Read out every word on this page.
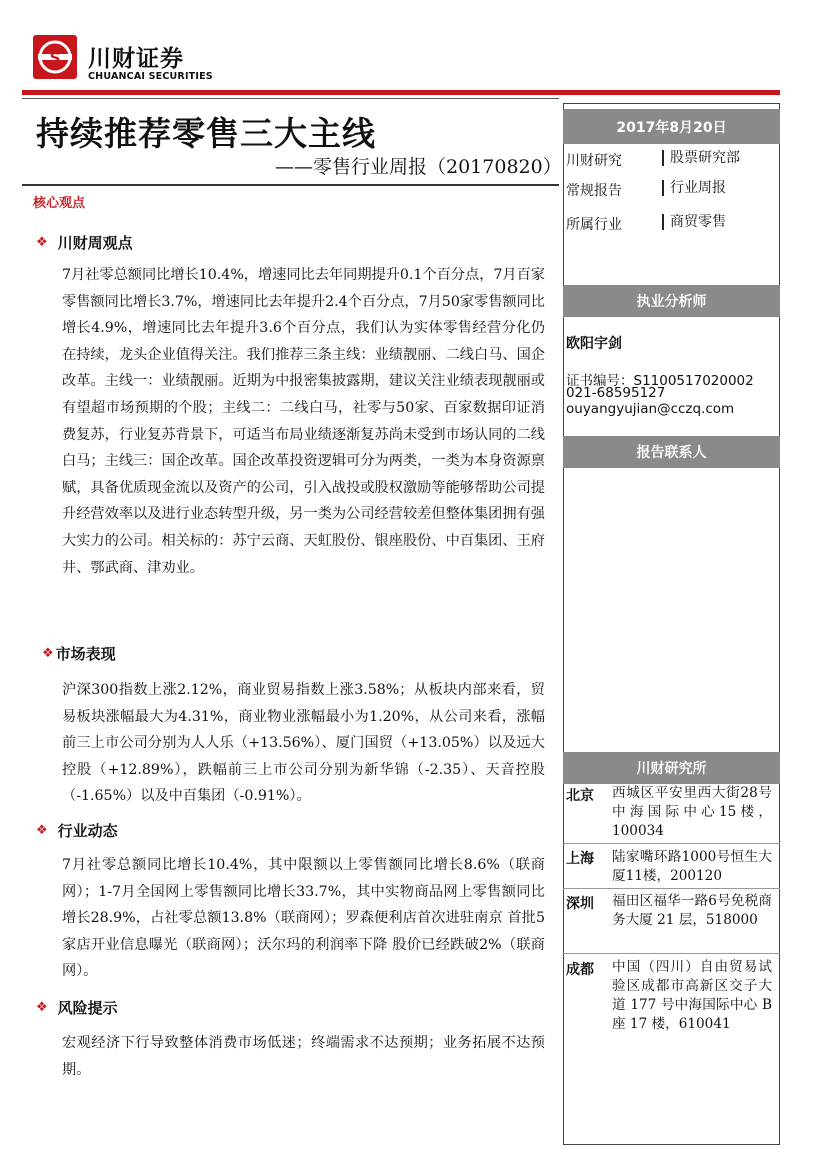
S 川财证券
CHUANCAI SECURITIES
持续推荐零售三大主线
——零售行业周报（20170820）
核心观点
❖ 川财周观点
7月社零总额同比增长10.4%，增速同比去年同期提升0.1个百分点，7月百家零售额同比增长3.7%，增速同比去年提升2.4个百分点，7月50家零售额同比增长4.9%，增速同比去年提升3.6个百分点，我们认为实体零售经营分化仍在持续，龙头企业值得关注。我们推荐三条主线：业绩靓丽、二线白马、国企改革。主线一：业绩靓丽。近期为中报密集披露期，建议关注业绩表现靓丽或有望超市场预期的个股；主线二：二线白马，社零与50家、百家数据印证消费复苏，行业复苏背景下，可适当布局业绩逐渐复苏尚未受到市场认同的二线白马；主线三：国企改革。国企改革投资逻辑可分为两类，一类为本身资源禀赋，具备优质现金流以及资产的公司，引入战投或股权激励等能够帮助公司提升经营效率以及进行业态转型升级，另一类为公司经营较差但整体集团拥有强大实力的公司。相关标的：苏宁云商、天虹股份、银座股份、中百集团、王府井、鄂武商、津劝业。
❖ 市场表现
沪深300指数上涨2.12%，商业贸易指数上涨3.58%；从板块内部来看，贸易板块涨幅最大为4.31%，商业物业涨幅最小为1.20%，从公司来看，涨幅前三上市公司分别为人人乐（+13.56%）、厦门国贸（+13.05%）以及远大控股（+12.89%），跌幅前三上市公司分别为新华锦（-2.35）、天音控股（-1.65%）以及中百集团（-0.91%）。
❖ 行业动态
7月社零总额同比增长10.4%，其中限额以上零售额同比增长8.6%（联商网）；1-7月全国网上零售额同比增长33.7%，其中实物商品网上零售额同比增长28.9%，占社零总额13.8%（联商网）；罗森便利店首次进驻南京 首批5家店开业信息曝光（联商网）；沃尔玛的利润率下降 股价已经跌破2%（联商网）。
❖ 风险提示
宏观经济下行导致整体消费市场低迷；终端需求不达预期；业务拓展不达预期。
2017年8月20日
川财研究	股票研究部
常规报告	行业周报
所属行业	商贸零售
执业分析师
欧阳宇剑
证书编号：S1100517020002
021-68595127
ouyangyujian@cczq.com
报告联系人
川财研究所
北京 西城区平安里西大街28号中海国际中心15楼，100034
上海 陆家嘴环路1000号恒生大厦11楼，200120
深圳 福田区福华一路6号免税商务大厦 21 层，518000
成都 中国（四川）自由贸易试验区成都市高新区交子大道 177 号中海国际中心 B 座 17 楼，610041
